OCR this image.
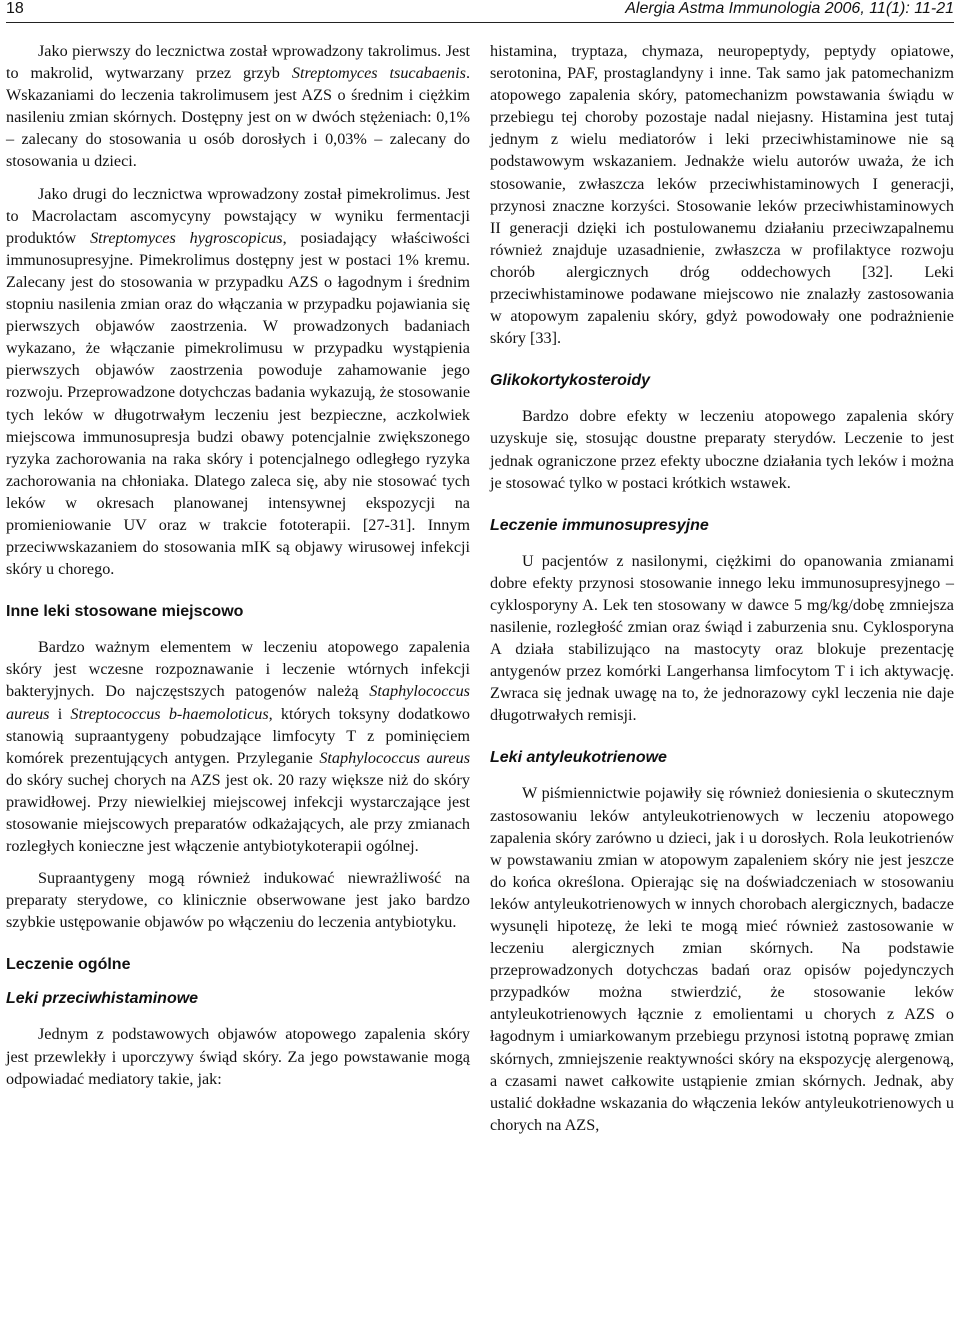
18	Alergia Astma Immunologia 2006, 11(1): 11-21

Jako pierwszy do lecznictwa został wprowadzony takrolimus. Jest to makrolid, wytwarzany przez grzyb Streptomyces tsucabaenis. Wskazaniami do leczenia takrolimusem jest AZS o średnim i ciężkim nasileniu zmian skórnych. Dostępny jest on w dwóch stężeniach: 0,1% – zalecany do stosowania u osób dorosłych i 0,03% – zalecany do stosowania u dzieci.

Jako drugi do lecznictwa wprowadzony został pimekrolimus. Jest to Macrolactam ascomycyny powstający w wyniku fermentacji produktów Streptomyces hygroscopicus, posiadający właściwości immunosupresyjne. Pimekrolimus dostępny jest w postaci 1% kremu. Zalecany jest do stosowania w przypadku AZS o łagodnym i średnim stopniu nasilenia zmian oraz do włączania w przypadku pojawiania się pierwszych objawów zaostrzenia. W prowadzonych badaniach wykazano, że włączanie pimekrolimusu w przypadku wystąpienia pierwszych objawów zaostrzenia powoduje zahamowanie jego rozwoju. Przeprowadzone dotychczas badania wykazują, że stosowanie tych leków w długotrwałym leczeniu jest bezpieczne, aczkolwiek miejscowa immunosupresja budzi obawy potencjalnie zwiększonego ryzyka zachorowania na raka skóry i potencjalnego odległego ryzyka zachorowania na chłoniaka. Dlatego zaleca się, aby nie stosować tych leków w okresach planowanej intensywnej ekspozycji na promieniowanie UV oraz w trakcie fototerapii. [27-31]. Innym przeciwwskazaniem do stosowania mIK są objawy wirusowej infekcji skóry u chorego.

Inne leki stosowane miejscowo

Bardzo ważnym elementem w leczeniu atopowego zapalenia skóry jest wczesne rozpoznawanie i leczenie wtórnych infekcji bakteryjnych. Do najczęstszych patogenów należą Staphylococcus aureus i Streptococcus b-haemoloticus, których toksyny dodatkowo stanowią supraantygeny pobudzające limfocyty T z pominięciem komórek prezentujących antygen. Przyleganie Staphylococcus aureus do skóry suchej chorych na AZS jest ok. 20 razy większe niż do skóry prawidłowej. Przy niewielkiej miejscowej infekcji wystarczające jest stosowanie miejscowych preparatów odkażających, ale przy zmianach rozległych konieczne jest włączenie antybiotykoterapii ogólnej.

Supraantygeny mogą również indukować niewrażliwość na preparaty sterydowe, co klinicznie obserwowane jest jako bardzo szybkie ustępowanie objawów po włączeniu do leczenia antybiotyku.

Leczenie ogólne
Leki przeciwhistaminowe

Jednym z podstawowych objawów atopowego zapalenia skóry jest przewlekły i uporczywy świąd skóry. Za jego powstawanie mogą odpowiadać mediatory takie, jak:

histamina, tryptaza, chymaza, neuropeptydy, peptydy opiatowe, serotonina, PAF, prostaglandyny i inne. Tak samo jak patomechanizm atopowego zapalenia skóry, patomechanizm powstawania świądu w przebiegu tej choroby pozostaje nadal niejasny. Histamina jest tutaj jednym z wielu mediatorów i leki przeciwhistaminowe nie są podstawowym wskazaniem. Jednakże wielu autorów uważa, że ich stosowanie, zwłaszcza leków przeciwhistaminowych I generacji, przynosi znaczne korzyści. Stosowanie leków przeciwhistaminowych II generacji dzięki ich postulowanemu działaniu przeciwzapalnemu również znajduje uzasadnienie, zwłaszcza w profilaktyce rozwoju chorób alergicznych dróg oddechowych [32]. Leki przeciwhistaminowe podawane miejscowo nie znalazły zastosowania w atopowym zapaleniu skóry, gdyż powodowały one podrażnienie skóry [33].

Glikokortykosteroidy

Bardzo dobre efekty w leczeniu atopowego zapalenia skóry uzyskuje się, stosując doustne preparaty sterydów. Leczenie to jest jednak ograniczone przez efekty uboczne działania tych leków i można je stosować tylko w postaci krótkich wstawek.

Leczenie immunosupresyjne

U pacjentów z nasilonymi, ciężkimi do opanowania zmianami dobre efekty przynosi stosowanie innego leku immunosupresyjnego – cyklosporyny A. Lek ten stosowany w dawce 5 mg/kg/dobę zmniejsza nasilenie, rozległość zmian oraz świąd i zaburzenia snu. Cyklosporyna A działa stabilizująco na mastocyty oraz blokuje prezentację antygenów przez komórki Langerhansa limfocytom T i ich aktywację. Zwraca się jednak uwagę na to, że jednorazowy cykl leczenia nie daje długotrwałych remisji.

Leki antyleukotrienowe

W piśmiennictwie pojawiły się również doniesienia o skutecznym zastosowaniu leków antyleukotrienowych w leczeniu atopowego zapalenia skóry zarówno u dzieci, jak i u dorosłych. Rola leukotrienów w powstawaniu zmian w atopowym zapaleniem skóry nie jest jeszcze do końca określona. Opierając się na doświadczeniach w stosowaniu leków antyleukotrienowych w innych chorobach alergicznych, badacze wysunęli hipotezę, że leki te mogą mieć również zastosowanie w leczeniu alergicznych zmian skórnych. Na podstawie przeprowadzonych dotychczas badań oraz opisów pojedynczych przypadków można stwierdzić, że stosowanie leków antyleukotrienowych łącznie z emolientami u chorych z AZS o łagodnym i umiarkowanym przebiegu przynosi istotną poprawę zmian skórnych, zmniejszenie reaktywności skóry na ekspozycję alergenową, a czasami nawet całkowite ustąpienie zmian skórnych. Jednak, aby ustalić dokładne wskazania do włączenia leków antyleukotrienowych u chorych na AZS,
